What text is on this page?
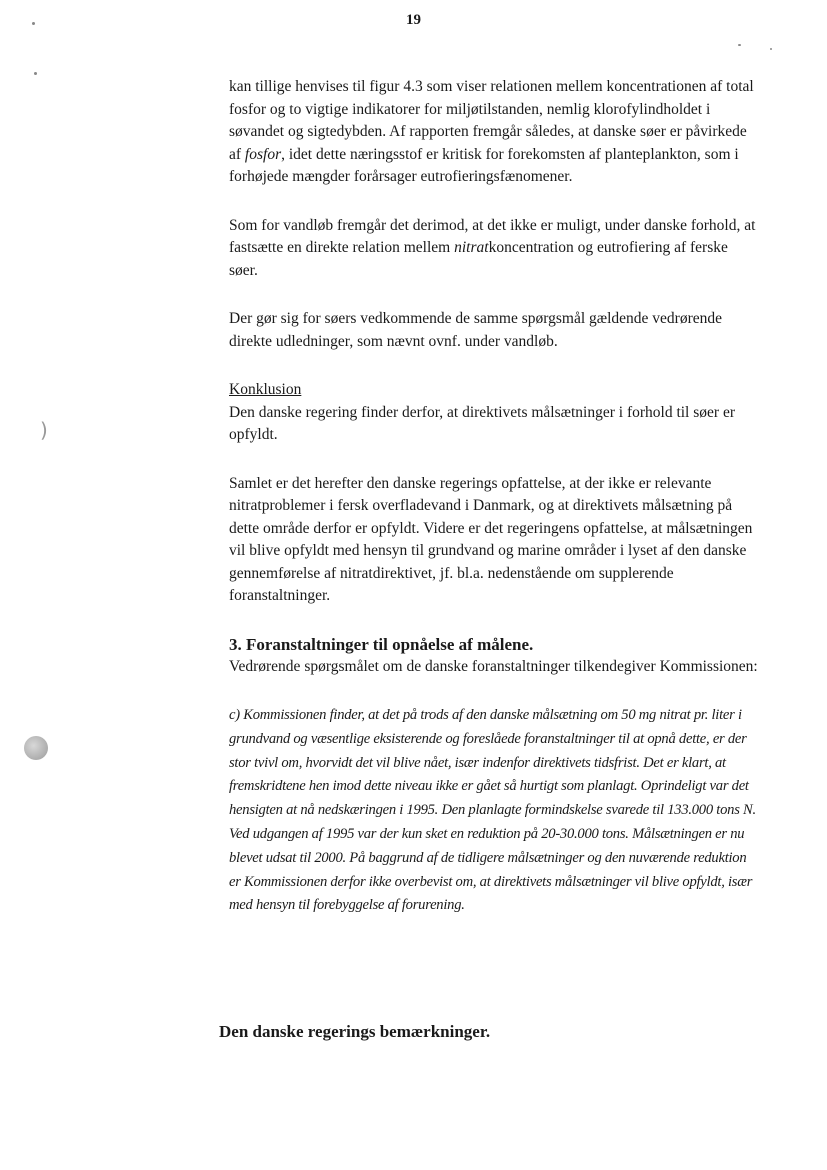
19
)

kan tillige henvises til figur 4.3 som viser relationen mellem koncentrationen af total fosfor og to vigtige indikatorer for miljøtilstanden, nemlig klorofylindholdet i søvandet og sigtedybden. Af rapporten fremgår således, at danske søer er påvirkede af fosfor, idet dette næringsstof er kritisk for forekomsten af planteplankton, som i forhøjede mængder forårsager eutrofieringsfænomener.

Som for vandløb fremgår det derimod, at det ikke er muligt, under danske forhold, at fastsætte en direkte relation mellem nitratkoncentration og eutrofiering af ferske søer.

Der gør sig for søers vedkommende de samme spørgsmål gældende vedrørende direkte udledninger, som nævnt ovnf. under vandløb.

Konklusion

Den danske regering finder derfor, at direktivets målsætninger i forhold til søer er opfyldt.

Samlet er det herefter den danske regerings opfattelse, at der ikke er relevante nitratproblemer i fersk overfladevand i Danmark, og at direktivets målsætning på dette område derfor er opfyldt. Videre er det regeringens opfattelse, at målsætningen vil blive opfyldt med hensyn til grundvand og marine områder i lyset af den danske gennemførelse af nitratdirektivet, jf. bl.a. nedenstående om supplerende foranstaltninger.

3. Foranstaltninger til opnåelse af målene.

Vedrørende spørgsmålet om de danske foranstaltninger tilkendegiver Kommissionen:

c) Kommissionen finder, at det på trods af den danske målsætning om 50 mg nitrat pr. liter i grundvand og væsentlige eksisterende og foreslåede foranstaltninger til at opnå dette, er der stor tvivl om, hvorvidt det vil blive nået, især indenfor direktivets tidsfrist. Det er klart, at fremskridtene hen imod dette niveau ikke er gået så hurtigt som planlagt. Oprindeligt var det hensigten at nå nedskæringen i 1995. Den planlagte formindskelse svarede til 133.000 tons N. Ved udgangen af 1995 var der kun sket en reduktion på 20-30.000 tons. Målsætningen er nu blevet udsat til 2000. På baggrund af de tidligere målsætninger og den nuværende reduktion er Kommissionen derfor ikke overbevist om, at direktivets målsætninger vil blive opfyldt, især med hensyn til forebyggelse af forurening.

Den danske regerings bemærkninger.
